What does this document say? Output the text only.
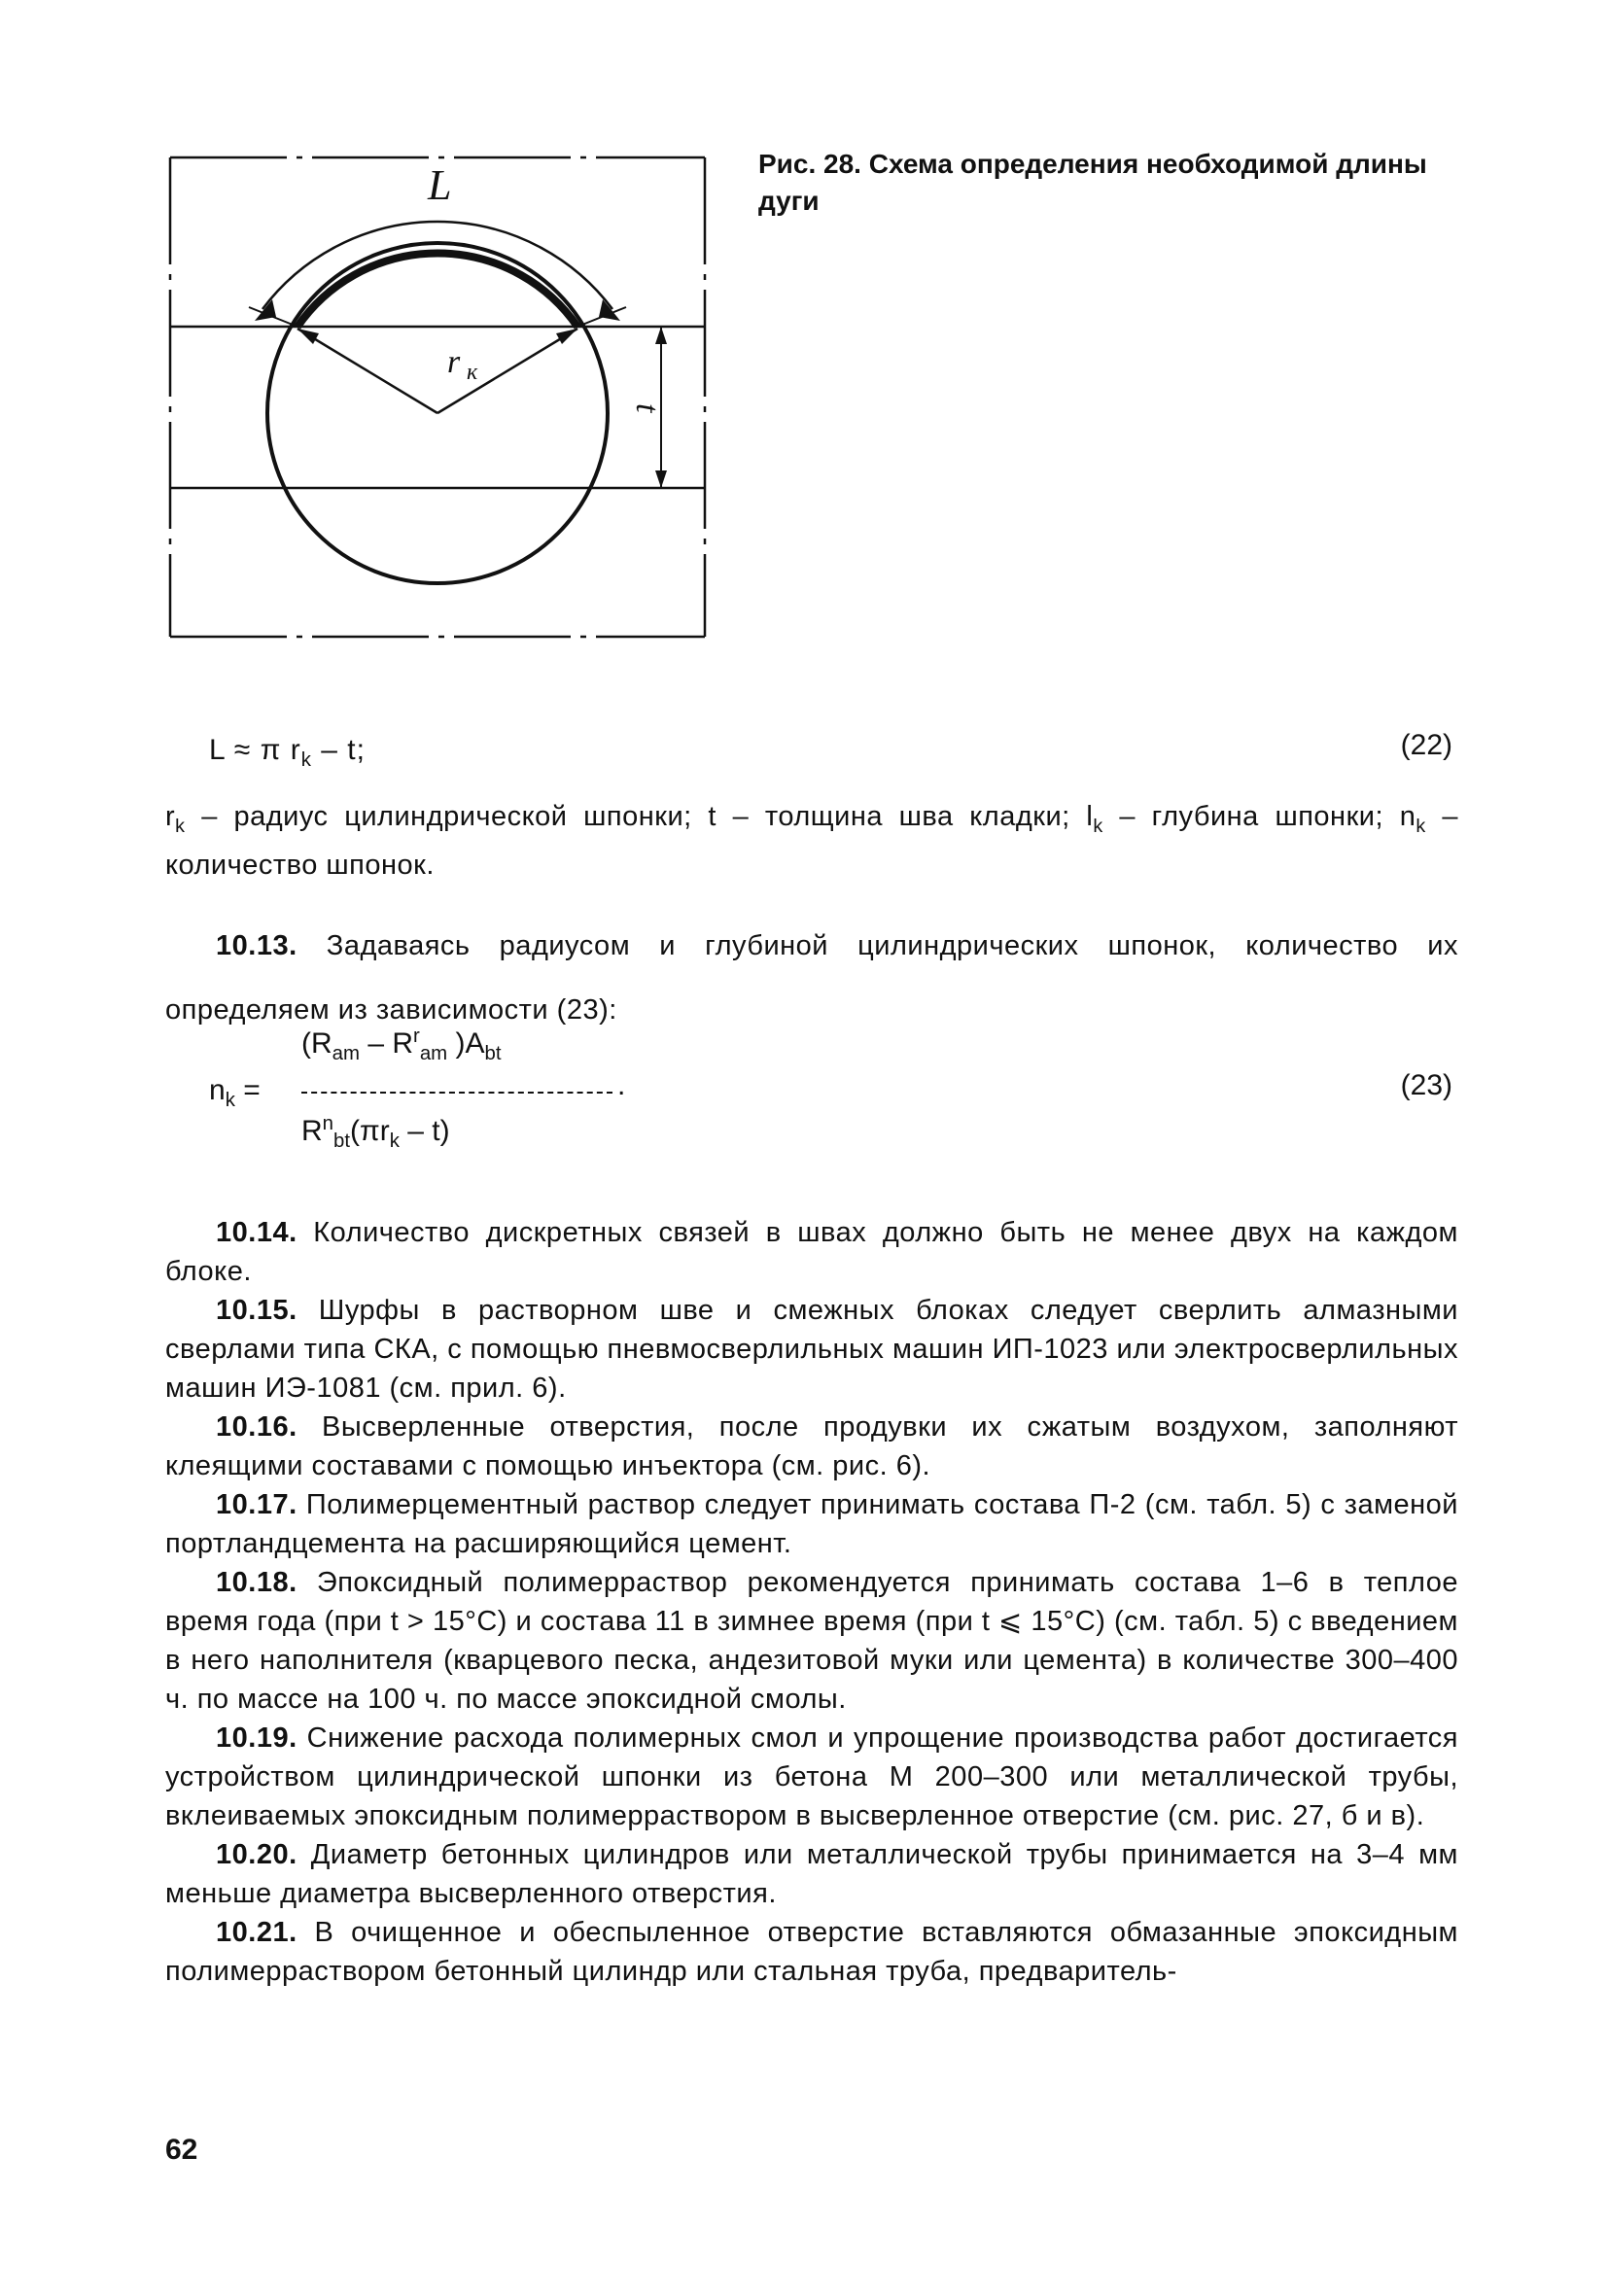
L
r к
t
Рис. 28. Схема определения необходимой длины дуги
L ≈ π $r_k$ – t;	(22)

$r_k$ – радиус цилиндрической шпонки; t – толщина шва кладки; $l_k$ – глубина шпонки; $n_k$ – количество шпонок.

10.13. Задаваясь радиусом и глубиной цилиндрических шпонок, количество их определяем из зависимости (23):

$n_k$ =
($R_{am} - R^r_{am}$ )$A_{bt}$
.
$R^n_{bt}(\pi r_k - t)$
(23)

10.14. Количество дискретных связей в швах должно быть не менее двух на каждом блоке.

10.15. Шурфы в растворном шве и смежных блоках следует сверлить алмазными сверлами типа СКА, с помощью пневмосверлильных машин ИП-1023 или электросверлильных машин ИЭ-1081 (см. прил. 6).

10.16. Высверленные отверстия, после продувки их сжатым воздухом, заполняют клеящими составами с помощью инъектора (см. рис. 6).

10.17. Полимерцементный раствор следует принимать состава П-2 (см. табл. 5) с заменой портландцемента на расширяющийся цемент.

10.18. Эпоксидный полимерраствор рекомендуется принимать состава 1–6 в теплое время года (при t > 15°C) и состава 11 в зимнее время (при t ⩽ 15°C) (см. табл. 5) с введением в него наполнителя (кварцевого песка, андезитовой муки или цемента) в количестве 300–400 ч. по массе на 100 ч. по массе эпоксидной смолы.

10.19. Снижение расхода полимерных смол и упрощение производства работ достигается устройством цилиндрической шпонки из бетона М 200–300 или металлической трубы, вклеиваемых эпоксидным полимерраствором в высверленное отверстие (см. рис. 27, б и в).

10.20. Диаметр бетонных цилиндров или металлической трубы принимается на 3–4 мм меньше диаметра высверленного отверстия.

10.21. В очищенное и обеспыленное отверстие вставляются обмазанные эпоксидным полимерраствором бетонный цилиндр или стальная труба, предваритель-

62
